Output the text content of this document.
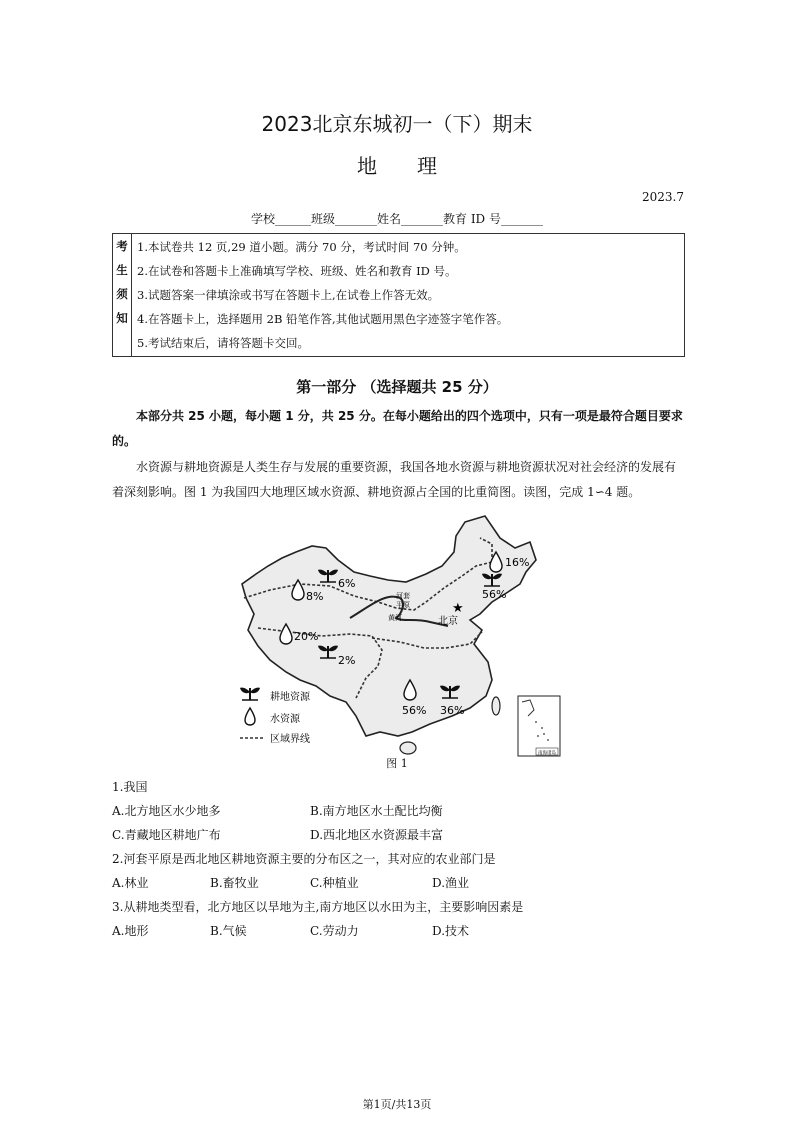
2023北京东城初一（下）期末
地理
2023.7
学校______班级_______姓名_______教育 ID 号_______
考
生
须
知

1.本试卷共 12 页,29 道小题。满分 70 分，考试时间 70 分钟。
2.在试卷和答题卡上准确填写学校、班级、姓名和教育 ID 号。
3.试题答案一律填涂或书写在答题卡上,在试卷上作答无效。
4.在答题卡上，选择题用 2B 铅笔作答,其他试题用黑色字迹签字笔作答。
5.考试结束后，请将答题卡交回。
第一部分 （选择题共 25 分）
本部分共 25 小题，每小题 1 分，共 25 分。在每小题给出的四个选项中，只有一项是最符合题目要求的。
水资源与耕地资源是人类生存与发展的重要资源，我国各地水资源与耕地资源状况对社会经济的发展有着深刻影响。图 1 为我国四大地理区域水资源、耕地资源占全国的比重简图。读图，完成 1∽4 题。
16%
56%
6%
8%
20%
2%
56% 36%
★
北京
河套
平原
黄河
南海诸岛
耕地资源
水资源
区域界线
图 1
1.我国
A.北方地区水少地多	B.南方地区水土配比均衡
C.青藏地区耕地广布	D.西北地区水资源最丰富
2.河套平原是西北地区耕地资源主要的分布区之一，其对应的农业部门是
A.林业	B.畜牧业	C.种植业	D.渔业
3.从耕地类型看，北方地区以旱地为主,南方地区以水田为主，主要影响因素是
A.地形	B.气候	C.劳动力	D.技术
第1页/共13页
